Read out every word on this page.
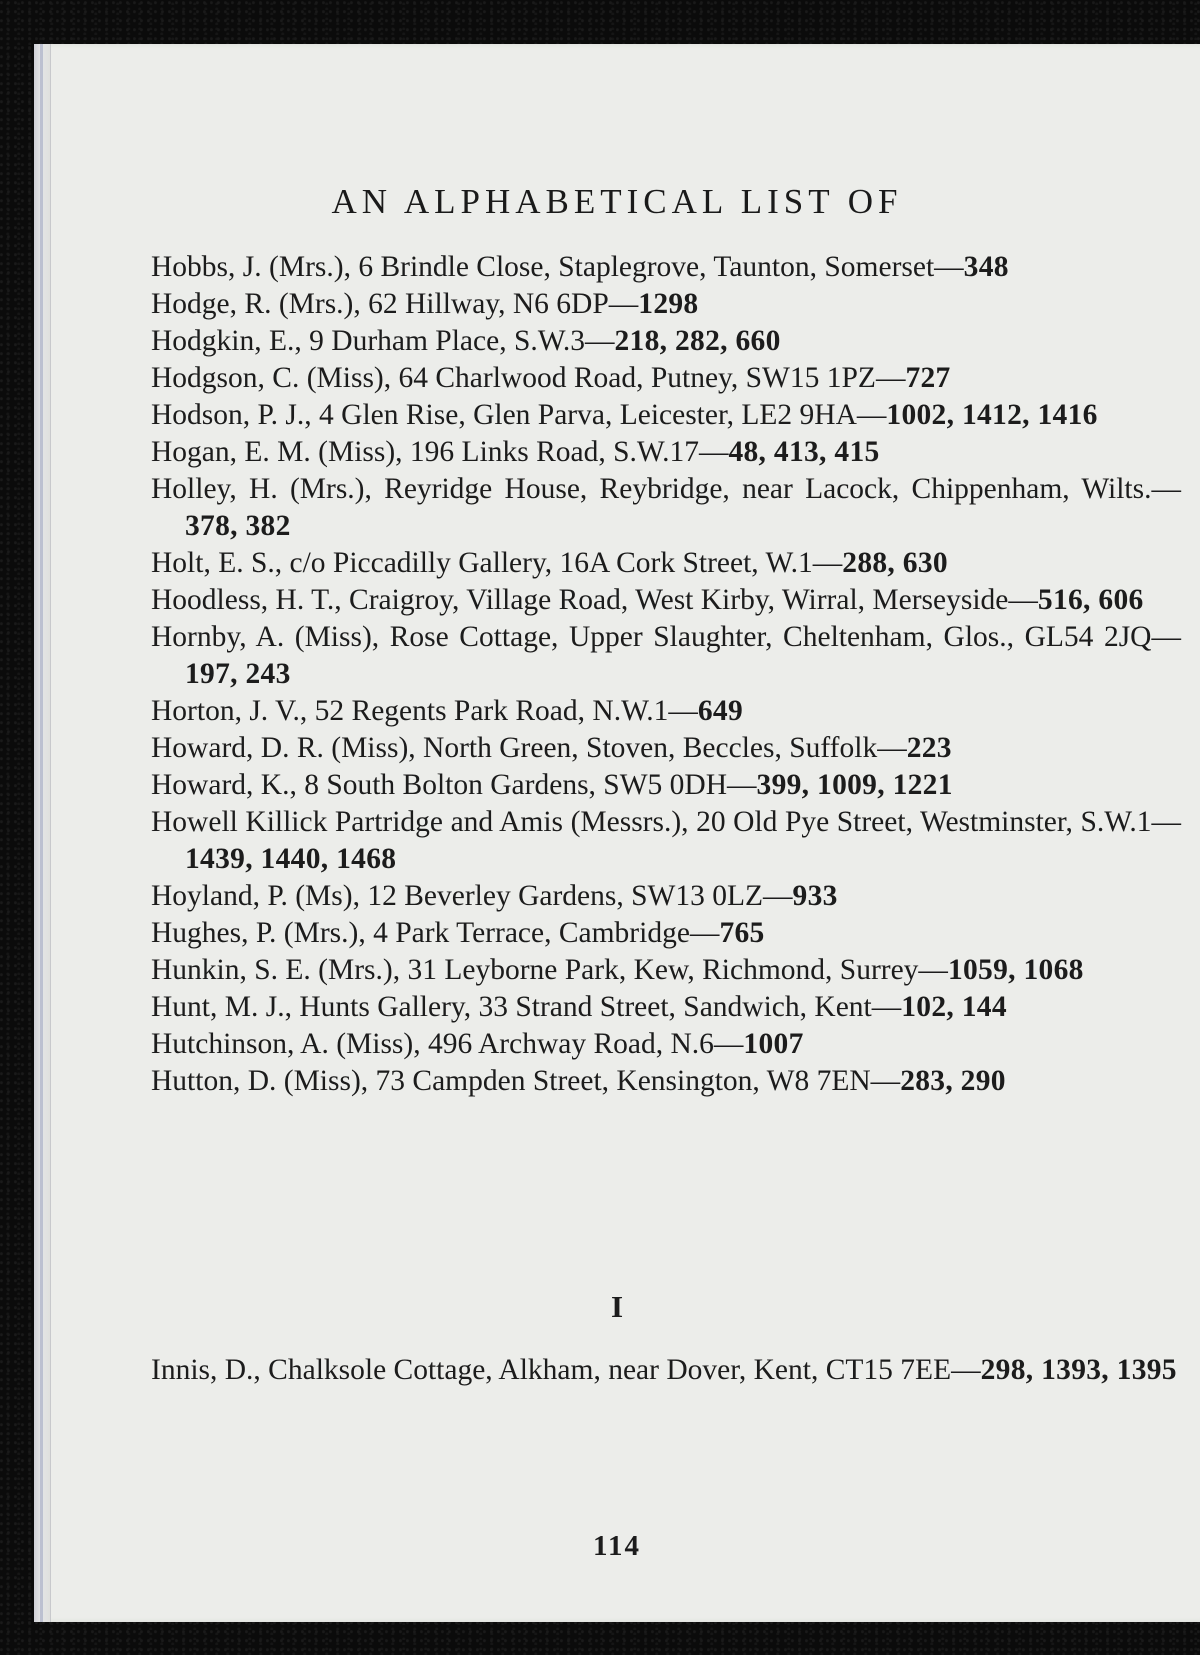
AN ALPHABETICAL LIST OF
Hobbs, J. (Mrs.), 6 Brindle Close, Staplegrove, Taunton, Somerset—348
Hodge, R. (Mrs.), 62 Hillway, N6 6DP—1298
Hodgkin, E., 9 Durham Place, S.W.3—218, 282, 660
Hodgson, C. (Miss), 64 Charlwood Road, Putney, SW15 1PZ—727
Hodson, P. J., 4 Glen Rise, Glen Parva, Leicester, LE2 9HA—1002, 1412, 1416
Hogan, E. M. (Miss), 196 Links Road, S.W.17—48, 413, 415
Holley, H. (Mrs.), Reyridge House, Reybridge, near Lacock, Chippenham, Wilts.—378, 382
Holt, E. S., c/o Piccadilly Gallery, 16A Cork Street, W.1—288, 630
Hoodless, H. T., Craigroy, Village Road, West Kirby, Wirral, Merseyside—516, 606
Hornby, A. (Miss), Rose Cottage, Upper Slaughter, Cheltenham, Glos., GL54 2JQ—197, 243
Horton, J. V., 52 Regents Park Road, N.W.1—649
Howard, D. R. (Miss), North Green, Stoven, Beccles, Suffolk—223
Howard, K., 8 South Bolton Gardens, SW5 0DH—399, 1009, 1221
Howell Killick Partridge and Amis (Messrs.), 20 Old Pye Street, Westminster, S.W.1—1439, 1440, 1468
Hoyland, P. (Ms), 12 Beverley Gardens, SW13 0LZ—933
Hughes, P. (Mrs.), 4 Park Terrace, Cambridge—765
Hunkin, S. E. (Mrs.), 31 Leyborne Park, Kew, Richmond, Surrey—1059, 1068
Hunt, M. J., Hunts Gallery, 33 Strand Street, Sandwich, Kent—102, 144
Hutchinson, A. (Miss), 496 Archway Road, N.6—1007
Hutton, D. (Miss), 73 Campden Street, Kensington, W8 7EN—283, 290
I
Innis, D., Chalksole Cottage, Alkham, near Dover, Kent, CT15 7EE—298, 1393, 1395
114
